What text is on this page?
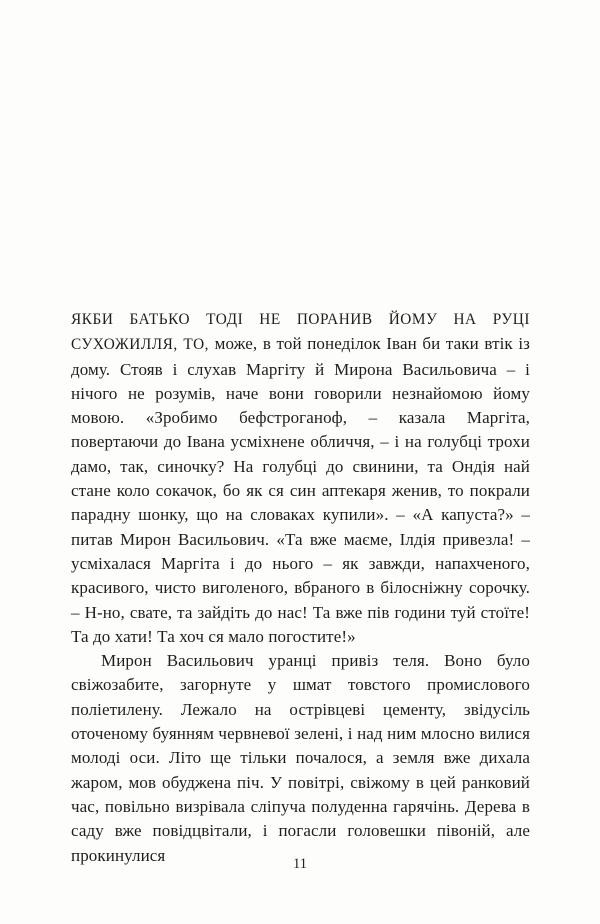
ЯКБИ БАТЬКО ТОДІ НЕ ПОРАНИВ ЙОМУ НА РУЦІ СУХОЖИЛЛЯ, ТО, може, в той понеділок Іван би таки втік із дому. Стояв і слухав Маргіту й Мирона Васильовича – і нічого не розумів, наче вони говорили незнайомою йому мовою. «Зробимо бефстроганоф, – казала Маргіта, повертаючи до Івана усміхнене обличчя, – і на голубці трохи дамо, так, синочку? На голубці до свинини, та Ондія най стане коло сокачок, бо як ся син аптекаря женив, то покрали парадну шонку, що на словаках купили». – «А капуста?» – питав Мирон Васильович. «Та вже маєме, Ілдія привезла! – усміхалася Маргіта і до нього – як завжди, напахченого, красивого, чисто виголеного, вбраного в білосніжну сорочку. – Н-но, свате, та зайдіть до нас! Та вже пів години туй стоїте! Та до хати! Та хоч ся мало погостите!»

Мирон Васильович уранці привіз теля. Воно було свіжозабите, загорнуте у шмат товстого промислового поліетилену. Лежало на острівцеві цементу, звідусіль оточеному буянням червневої зелені, і над ним млосно вилися молоді оси. Літо ще тільки почалося, а земля вже дихала жаром, мов обуджена піч. У повітрі, свіжому в цей ранковий час, повільно визрівала сліпуча полуденна гарячінь. Дерева в саду вже повідцвітали, і погасли головешки півоній, але прокинулися	11
